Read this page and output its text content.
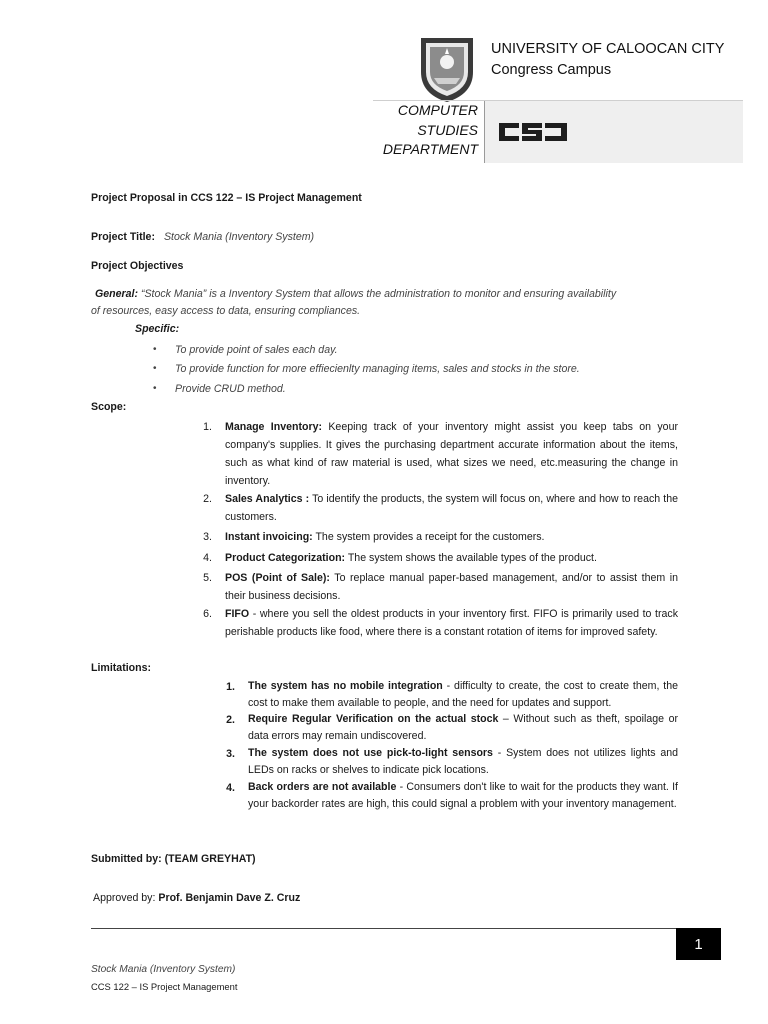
UNIVERSITY OF CALOOCAN CITY
Congress Campus
COMPUTER
STUDIES
DEPARTMENT
Project Proposal in CCS 122 – IS Project Management
Project Title: Stock Mania (Inventory System)
Project Objectives
General: “Stock Mania” is a Inventory System that allows the administration to monitor and ensuring availability
of resources, easy access to data, ensuring compliances.
Specific:
• To provide point of sales each day.
• To provide function for more effiecienlty managing items, sales and stocks in the store.
• Provide CRUD method.
Scope:
1. Manage Inventory: Keeping track of your inventory might assist you keep tabs on your company's supplies. It gives the purchasing department accurate information about the items, such as what kind of raw material is used, what sizes we need, etc.measuring the change in inventory.
2. Sales Analytics : To identify the products, the system will focus on, where and how to reach the customers.
3. Instant invoicing: The system provides a receipt for the customers.
4. Product Categorization: The system shows the available types of the product.
5. POS (Point of Sale): To replace manual paper-based management, and/or to assist them in their business decisions.
6. FIFO - where you sell the oldest products in your inventory first. FIFO is primarily used to track perishable products like food, where there is a constant rotation of items for improved safety.
Limitations:
1. The system has no mobile integration - difficulty to create, the cost to create them, the cost to make them available to people, and the need for updates and support.
2. Require Regular Verification on the actual stock – Without such as theft, spoilage or data errors may remain undiscovered.
3. The system does not use pick-to-light sensors - System does not utilizes lights and LEDs on racks or shelves to indicate pick locations.
4. Back orders are not available - Consumers don't like to wait for the products they want. If your backorder rates are high, this could signal a problem with your inventory management.
Submitted by: (TEAM GREYHAT)
Approved by: Prof. Benjamin Dave Z. Cruz
1
Stock Mania (Inventory System)
CCS 122 – IS Project Management
